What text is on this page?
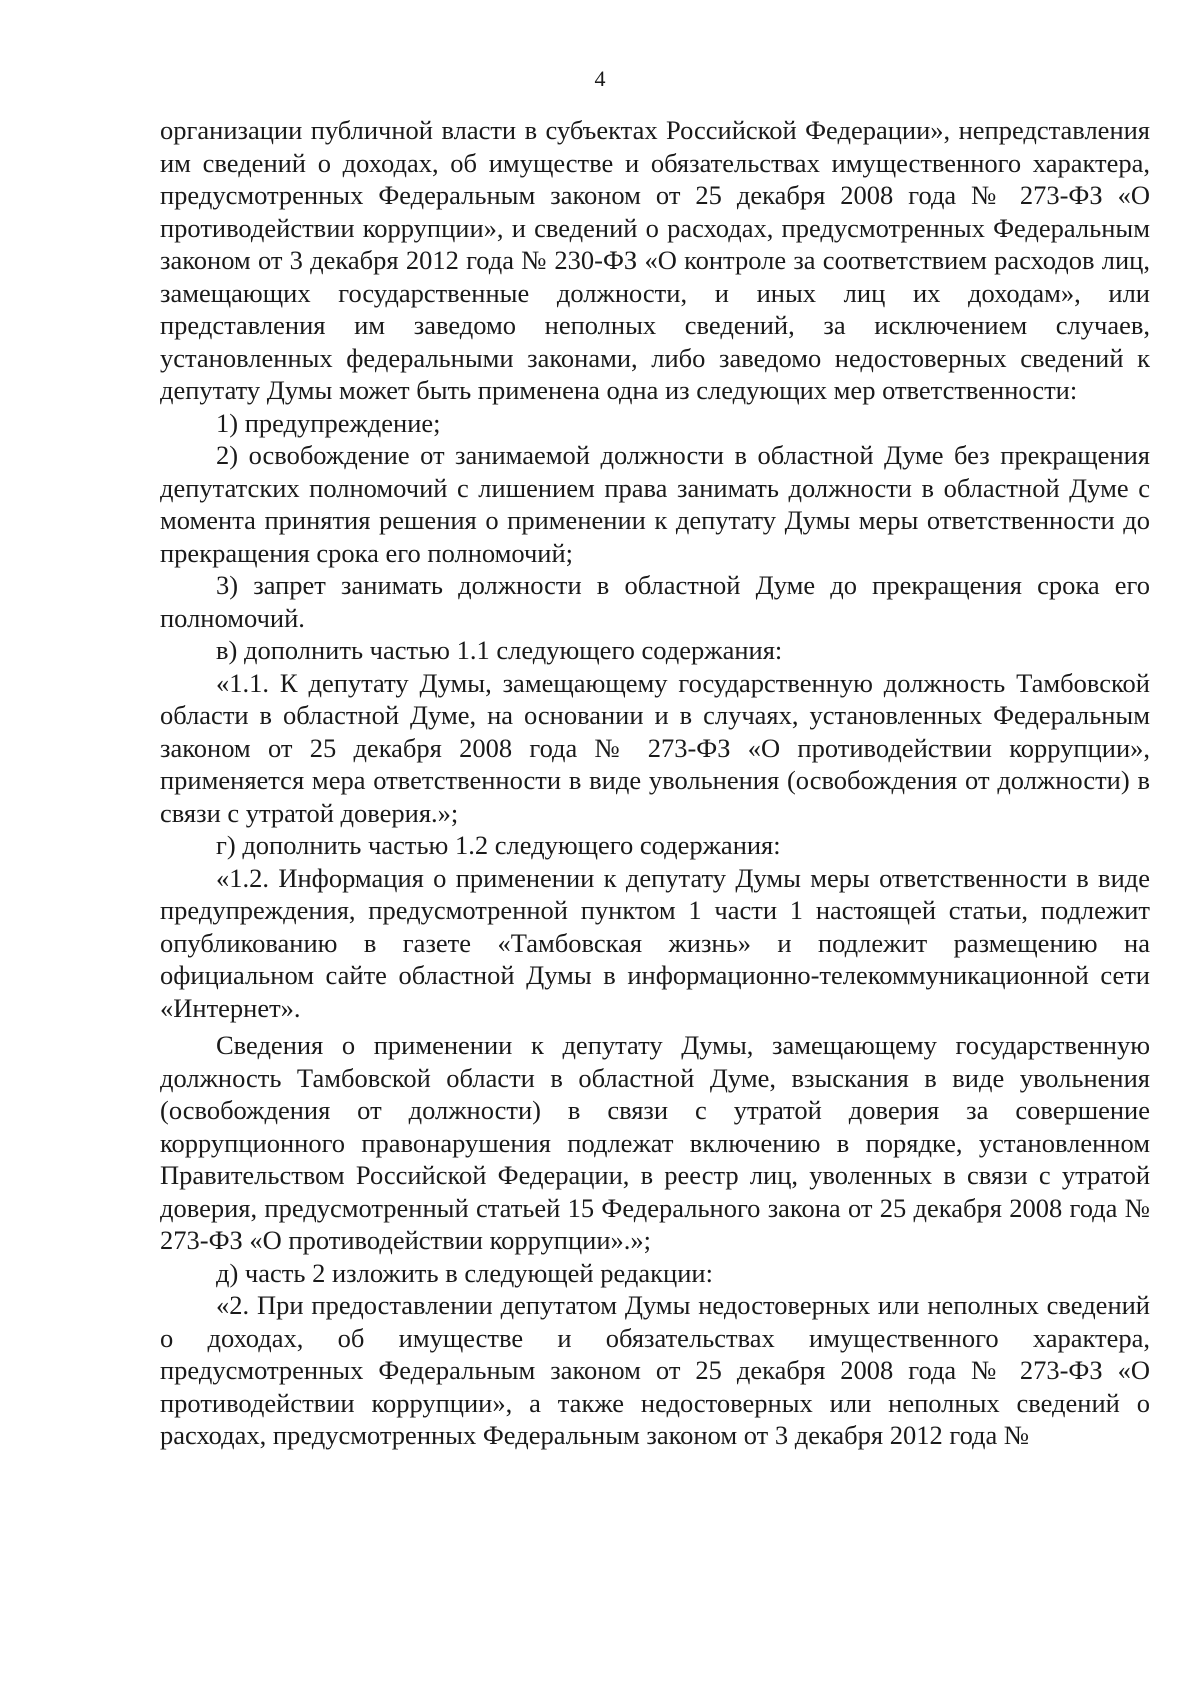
4

организации публичной власти в субъектах Российской Федерации», непредставления им сведений о доходах, об имуществе и обязательствах имущественного характера, предусмотренных Федеральным законом от 25 декабря 2008 года № 273-ФЗ «О противодействии коррупции», и сведений о расходах, предусмотренных Федеральным законом от 3 декабря 2012 года № 230-ФЗ «О контроле за соответствием расходов лиц, замещающих государственные должности, и иных лиц их доходам», или представления им заведомо неполных сведений, за исключением случаев, установленных федеральными законами, либо заведомо недостоверных сведений к депутату Думы может быть применена одна из следующих мер ответственности:

1) предупреждение;

2) освобождение от занимаемой должности в областной Думе без прекращения депутатских полномочий с лишением права занимать должности в областной Думе с момента принятия решения о применении к депутату Думы меры ответственности до прекращения срока его полномочий;

3) запрет занимать должности в областной Думе до прекращения срока его полномочий.

в) дополнить частью 1.1 следующего содержания:

«1.1. К депутату Думы, замещающему государственную должность Тамбовской области в областной Думе, на основании и в случаях, установленных Федеральным законом от 25 декабря 2008 года № 273-ФЗ «О противодействии коррупции», применяется мера ответственности в виде увольнения (освобождения от должности) в связи с утратой доверия.»;

г) дополнить частью 1.2 следующего содержания:

«1.2. Информация о применении к депутату Думы меры ответственности в виде предупреждения, предусмотренной пунктом 1 части 1 настоящей статьи, подлежит опубликованию в газете «Тамбовская жизнь» и подлежит размещению на официальном сайте областной Думы в информационно-телекоммуникационной сети «Интернет».

Сведения о применении к депутату Думы, замещающему государственную должность Тамбовской области в областной Думе, взыскания в виде увольнения (освобождения от должности) в связи с утратой доверия за совершение коррупционного правонарушения подлежат включению в порядке, установленном Правительством Российской Федерации, в реестр лиц, уволенных в связи с утратой доверия, предусмотренный статьей 15 Федерального закона от 25 декабря 2008 года № 273-ФЗ «О противодействии коррупции».»;

д) часть 2 изложить в следующей редакции:

«2. При предоставлении депутатом Думы недостоверных или неполных сведений о доходах, об имуществе и обязательствах имущественного характера, предусмотренных Федеральным законом от 25 декабря 2008 года № 273-ФЗ «О противодействии коррупции», а также недостоверных или неполных сведений о расходах, предусмотренных Федеральным законом от 3 декабря 2012 года №
